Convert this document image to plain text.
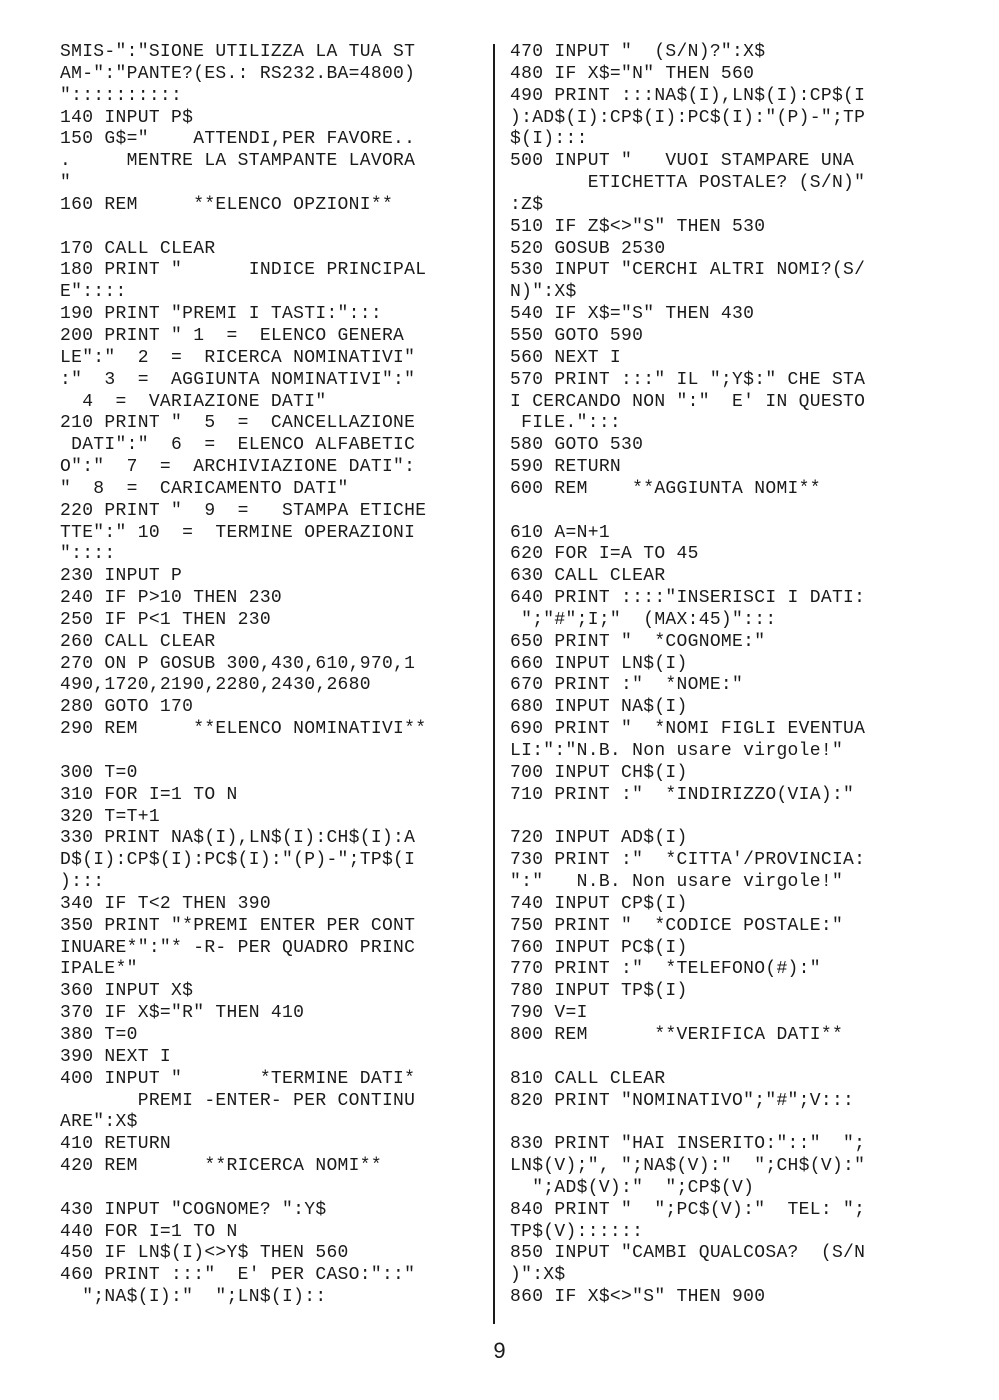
SMIS-":"SIONE UTILIZZA LA TUA ST
AM-":"PANTE?(ES.: RS232.BA=4800)
"::::::::::
140 INPUT P$
150 G$="    ATTENDI,PER FAVORE..
.     MENTRE LA STAMPANTE LAVORA
"
160 REM     **ELENCO OPZIONI**
170 CALL CLEAR
180 PRINT "      INDICE PRINCIPAL
E"::::
190 PRINT "PREMI I TASTI:":::
200 PRINT " 1  =  ELENCO GENERA
LE":"  2  =  RICERCA NOMINATIVI"
:"  3  =  AGGIUNTA NOMINATIVI":"
4  =  VARIAZIONE DATI"
210 PRINT "  5  =  CANCELLAZIONE
DATI":"  6  =  ELENCO ALFABETIC
O":"  7  =  ARCHIVIAZIONE DATI":
"  8  =  CARICAMENTO DATI"
220 PRINT "  9  =   STAMPA ETICHE
TTE":" 10  =  TERMINE OPERAZIONI
"::::
230 INPUT P
240 IF P>10 THEN 230
250 IF P<1 THEN 230
260 CALL CLEAR
270 ON P GOSUB 300,430,610,970,1
490,1720,2190,2280,2430,2680
280 GOTO 170
290 REM     **ELENCO NOMINATIVI**
300 T=0
310 FOR I=1 TO N
320 T=T+1
330 PRINT NA$(I),LN$(I):CH$(I):A
D$(I):CP$(I):PC$(I):"(P)-";TP$(I
):::
340 IF T<2 THEN 390
350 PRINT "*PREMI ENTER PER CONT
INUARE*":"* -R- PER QUADRO PRINC
IPALE*"
360 INPUT X$
370 IF X$="R" THEN 410
380 T=0
390 NEXT I
400 INPUT "       *TERMINE DATI*
PREMI -ENTER- PER CONTINU
ARE":X$
410 RETURN
420 REM      **RICERCA NOMI**
430 INPUT "COGNOME? ":Y$
440 FOR I=1 TO N
450 IF LN$(I)<>Y$ THEN 560
460 PRINT :::"  E' PER CASO:"::"
";NA$(I):"  ";LN$(I)::
470 INPUT "  (S/N)?":X$
480 IF X$="N" THEN 560
490 PRINT :::NA$(I),LN$(I):CP$(I
):AD$(I):CP$(I):PC$(I):"(P)-";TP
$(I):::
500 INPUT "   VUOI STAMPARE UNA
ETICHETTA POSTALE? (S/N)"
:Z$
510 IF Z$<>"S" THEN 530
520 GOSUB 2530
530 INPUT "CERCHI ALTRI NOMI?(S/
N)":X$
540 IF X$="S" THEN 430
550 GOTO 590
560 NEXT I
570 PRINT :::" IL ";Y$:" CHE STA
I CERCANDO NON ":"  E' IN QUESTO
FILE.":::
580 GOTO 530
590 RETURN
600 REM    **AGGIUNTA NOMI**
610 A=N+1
620 FOR I=A TO 45
630 CALL CLEAR
640 PRINT ::::"INSERISCI I DATI:
";"#";I;"  (MAX:45)":::
650 PRINT "  *COGNOME:"
660 INPUT LN$(I)
670 PRINT :"  *NOME:"
680 INPUT NA$(I)
690 PRINT "  *NOMI FIGLI EVENTUA
LI:":"N.B. Non usare virgole!"
700 INPUT CH$(I)
710 PRINT :"  *INDIRIZZO(VIA):"
720 INPUT AD$(I)
730 PRINT :"  *CITTA'/PROVINCIA:
":"   N.B. Non usare virgole!"
740 INPUT CP$(I)
750 PRINT "  *CODICE POSTALE:"
760 INPUT PC$(I)
770 PRINT :"  *TELEFONO(#):"
780 INPUT TP$(I)
790 V=I
800 REM      **VERIFICA DATI**
810 CALL CLEAR
820 PRINT "NOMINATIVO";"#";V:::
830 PRINT "HAI INSERITO:"::"  ";
LN$(V);", ";NA$(V):"  ";CH$(V):"
";AD$(V):"  ";CP$(V)
840 PRINT "  ";PC$(V):"  TEL: ";
TP$(V)::::::
850 INPUT "CAMBI QUALCOSA?  (S/N
)":X$
860 IF X$<>"S" THEN 900
9
